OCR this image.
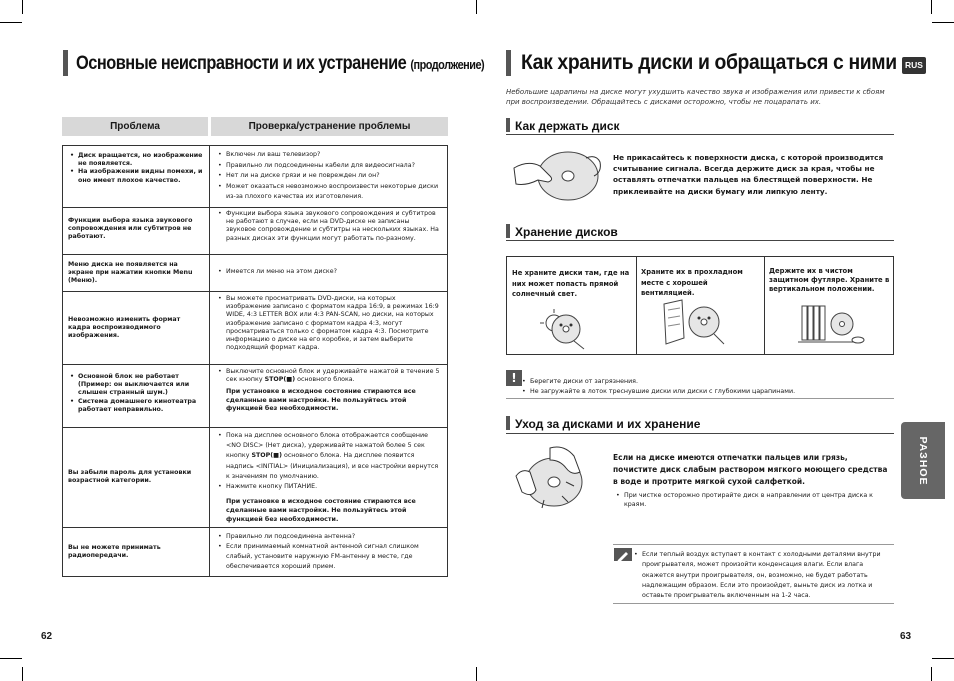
Основные неисправности и их устранение (продолжение)
Проблема	Проверка/устранение проблемы
• Диск вращается, но изображение не появляется.
• На изображении видны помехи, и оно имеет плохое качество.
• Включен ли ваш телевизор?
• Правильно ли подсоединены кабели для видеосигнала?
• Нет ли на диске грязи и не поврежден ли он?
• Может оказаться невозможно воспроизвести некоторые диски из-за плохого качества их изготовления.
Функции выбора языка звукового сопровождения или субтитров не работают.
• Функции выбора языка звукового сопровождения и субтитров не работают в случае, если на DVD-диске не записаны звуковое сопровождение и субтитры на нескольких языках. На разных дисках эти функции могут работать по-разному.
Меню диска не появляется на экране при нажатии кнопки Menu (Меню).
• Имеется ли меню на этом диске?
Невозможно изменить формат кадра воспроизводимого изображения.
• Вы можете просматривать DVD-диски, на которых изображение записано с форматом кадра 16:9, в режимах 16:9 WIDE, 4:3 LETTER BOX или 4:3 PAN-SCAN, но диски, на которых изображение записано с форматом кадра 4:3, могут просматриваться только с форматом кадра 4:3. Посмотрите информацию о диске на его коробке, и затем выберите подходящий формат кадра.
• Основной блок не работает (Пример: он выключается или слышен странный шум.)
• Система домашнего кинотеатра работает неправильно.
• Выключите основной блок и удерживайте нажатой в течение 5 сек кнопку STOP(■) основного блока.
При установке в исходное состояние стираются все сделанные вами настройки. Не пользуйтесь этой функцией без необходимости.
Вы забыли пароль для установки возрастной категории.
• Пока на дисплее основного блока отображается сообщение <NO DISC> (Нет диска), удерживайте нажатой более 5 сек кнопку STOP(■) основного блока. На дисплее появится надпись <INITIAL> (Инициализация), и все настройки вернутся к значениям по умолчанию.
• Нажмите кнопку ПИТАНИЕ.
При установке в исходное состояние стираются все сделанные вами настройки. Не пользуйтесь этой функцией без необходимости.
Вы не можете принимать радиопередачи.
• Правильно ли подсоединена антенна?
• Если принимаемый комнатной антенной сигнал слишком слабый, установите наружную FM-антенну в месте, где обеспечивается хороший прием.
62
Как хранить диски и обращаться с ними RUS
Небольшие царапины на диске могут ухудшить качество звука и изображения или привести к сбоям при воспроизведении. Обращайтесь с дисками осторожно, чтобы не поцарапать их.
Как держать диск
Не прикасайтесь к поверхности диска, с которой производится считывание сигнала. Всегда держите диск за края, чтобы не оставлять отпечатки пальцев на блестящей поверхности. Не приклеивайте на диски бумагу или липкую ленту.
Хранение дисков
Не храните диски там, где на них может попасть прямой солнечный свет.
Храните их в прохладном месте с хорошей вентиляцией.
Держите их в чистом защитном футляре. Храните в вертикальном положении.
!
•	Берегите диски от загрязнения.
• Не загружайте в лоток треснувшие диски или диски с глубокими царапинами.
Уход за дисками и их хранение
Если на диске имеются отпечатки пальцев или грязь, почистите диск слабым раствором мягкого моющего средства в воде и протрите мягкой сухой салфеткой.
• При чистке осторожно протирайте диск в направлении от центра диска к краям.
• Если теплый воздух вступает в контакт с холодными деталями внутри проигрывателя, может произойти конденсация влаги. Если влага окажется внутри проигрывателя, он, возможно, не будет работать надлежащим образом. Если это произойдет, выньте диск из лотка и оставьте проигрыватель включенным на 1-2 часа.
РАЗНОЕ
63
